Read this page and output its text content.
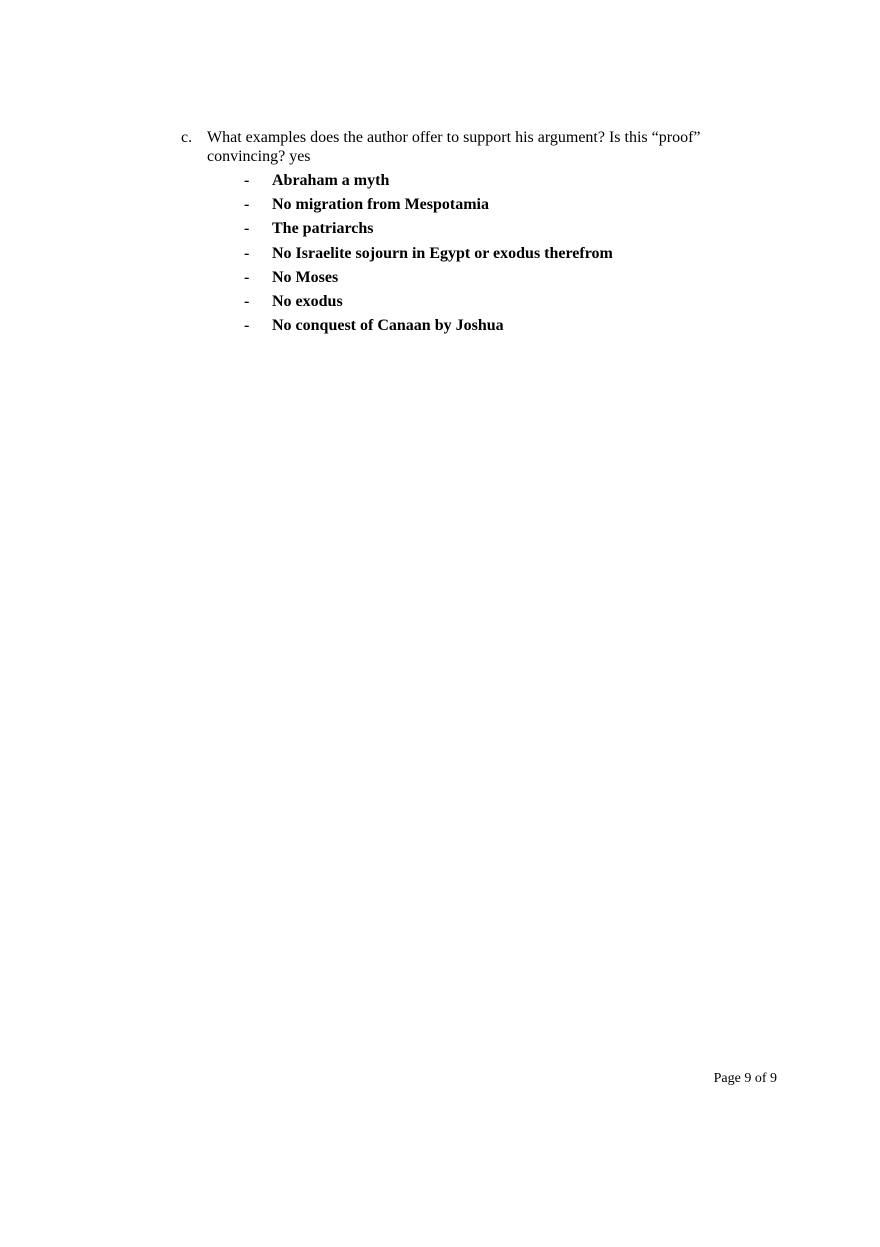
c. What examples does the author offer to support his argument? Is this “proof” convincing? yes
- Abraham a myth
- No migration from Mespotamia
- The patriarchs
- No Israelite sojourn in Egypt or exodus therefrom
- No Moses
- No exodus
- No conquest of Canaan by Joshua
Page 9 of 9
